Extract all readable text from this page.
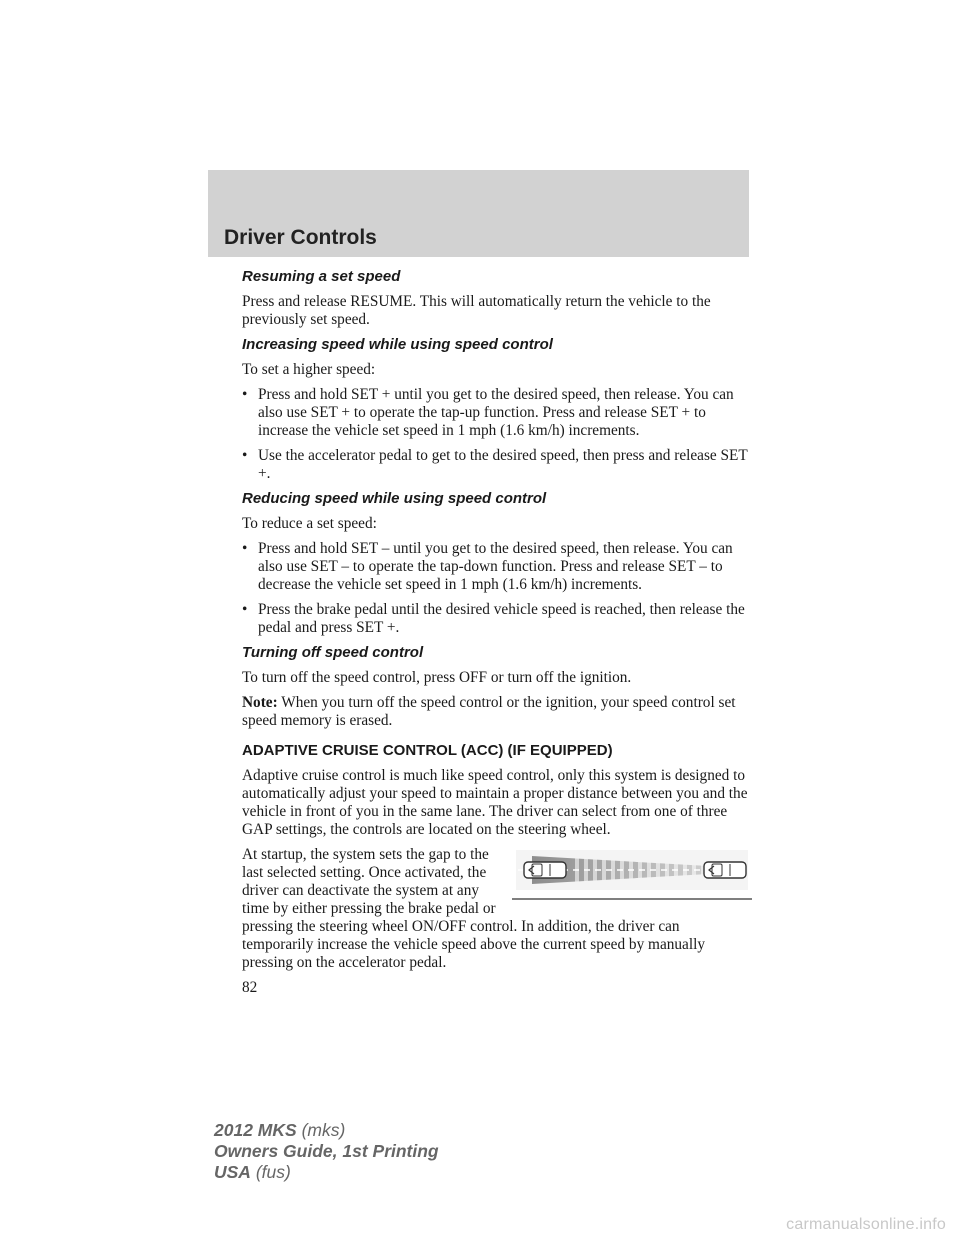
Driver Controls
Resuming a set speed

Press and release RESUME. This will automatically return the vehicle to the previously set speed.

Increasing speed while using speed control

To set a higher speed:

• Press and hold SET + until you get to the desired speed, then release. You can also use SET + to operate the tap-up function. Press and release SET + to increase the vehicle set speed in 1 mph (1.6 km/h) increments.
• Use the accelerator pedal to get to the desired speed, then press and release SET +.
Reducing speed while using speed control

To reduce a set speed:

• Press and hold SET – until you get to the desired speed, then release. You can also use SET – to operate the tap-down function. Press and release SET – to decrease the vehicle set speed in 1 mph (1.6 km/h) increments.
• Press the brake pedal until the desired vehicle speed is reached, then release the pedal and press SET +.
Turning off speed control

To turn off the speed control, press OFF or turn off the ignition.

Note: When you turn off the speed control or the ignition, your speed control set speed memory is erased.

ADAPTIVE CRUISE CONTROL (ACC) (IF EQUIPPED)

Adaptive cruise control is much like speed control, only this system is designed to automatically adjust your speed to maintain a proper distance between you and the vehicle in front of you in the same lane. The driver can select from one of three GAP settings, the controls are located on the steering wheel.

At startup, the system sets the gap to the last selected setting. Once activated, the driver can deactivate the system at any time by either pressing the brake pedal or pressing the steering wheel ON/OFF control. In addition, the driver can temporarily increase the vehicle speed above the current speed by manually pressing on the accelerator pedal.

82
2012 MKS (mks)
Owners Guide, 1st Printing
USA (fus)
carmanualsonline.info
